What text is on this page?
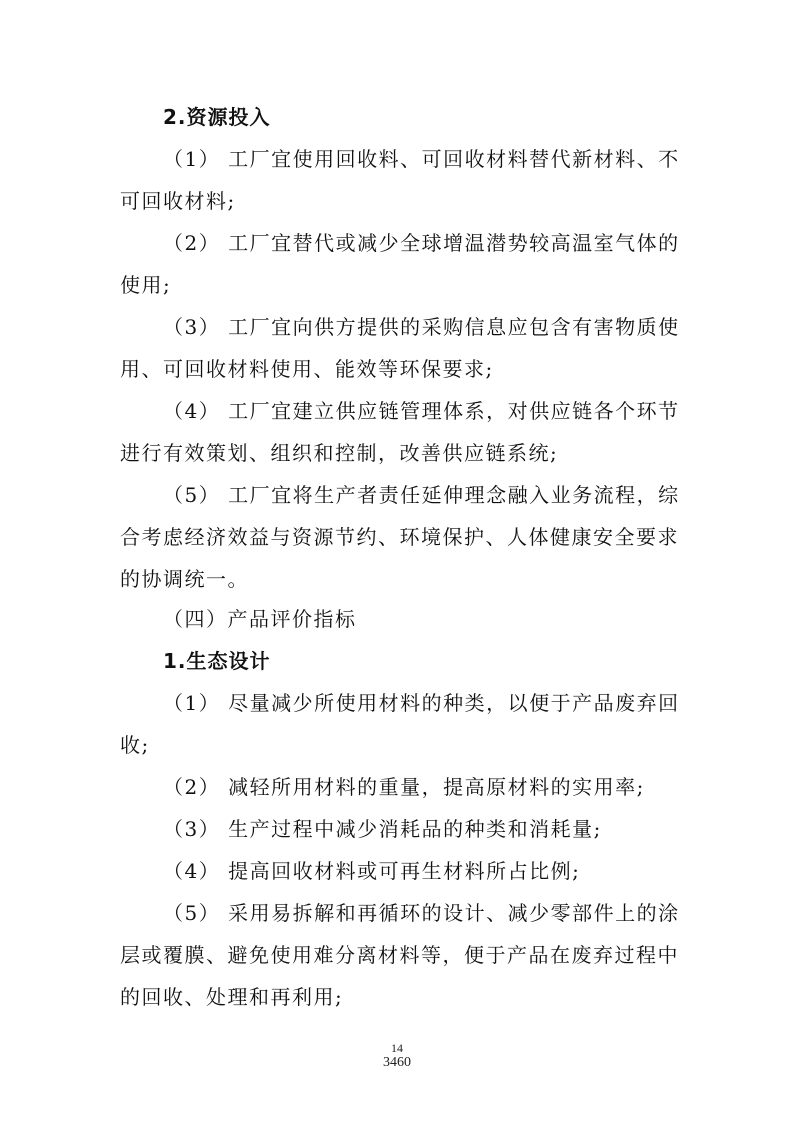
2.资源投入
（1） 工厂宜使用回收料、可回收材料替代新材料、不
可回收材料;
（2） 工厂宜替代或减少全球增温潜势较高温室气体的
使用;
（3） 工厂宜向供方提供的采购信息应包含有害物质使
用、可回收材料使用、能效等环保要求;
（4） 工厂宜建立供应链管理体系，对供应链各个环节
进行有效策划、组织和控制，改善供应链系统;
（5） 工厂宜将生产者责任延伸理念融入业务流程，综
合考虑经济效益与资源节约、环境保护、人体健康安全要求
的协调统一。
（四）产品评价指标
1.生态设计
（1） 尽量减少所使用材料的种类，以便于产品废弃回
收;
（2） 减轻所用材料的重量，提高原材料的实用率;
（3） 生产过程中减少消耗品的种类和消耗量;
（4） 提高回收材料或可再生材料所占比例;
（5） 采用易拆解和再循环的设计、减少零部件上的涂
层或覆膜、避免使用难分离材料等，便于产品在废弃过程中
的回收、处理和再利用;
14
3460
